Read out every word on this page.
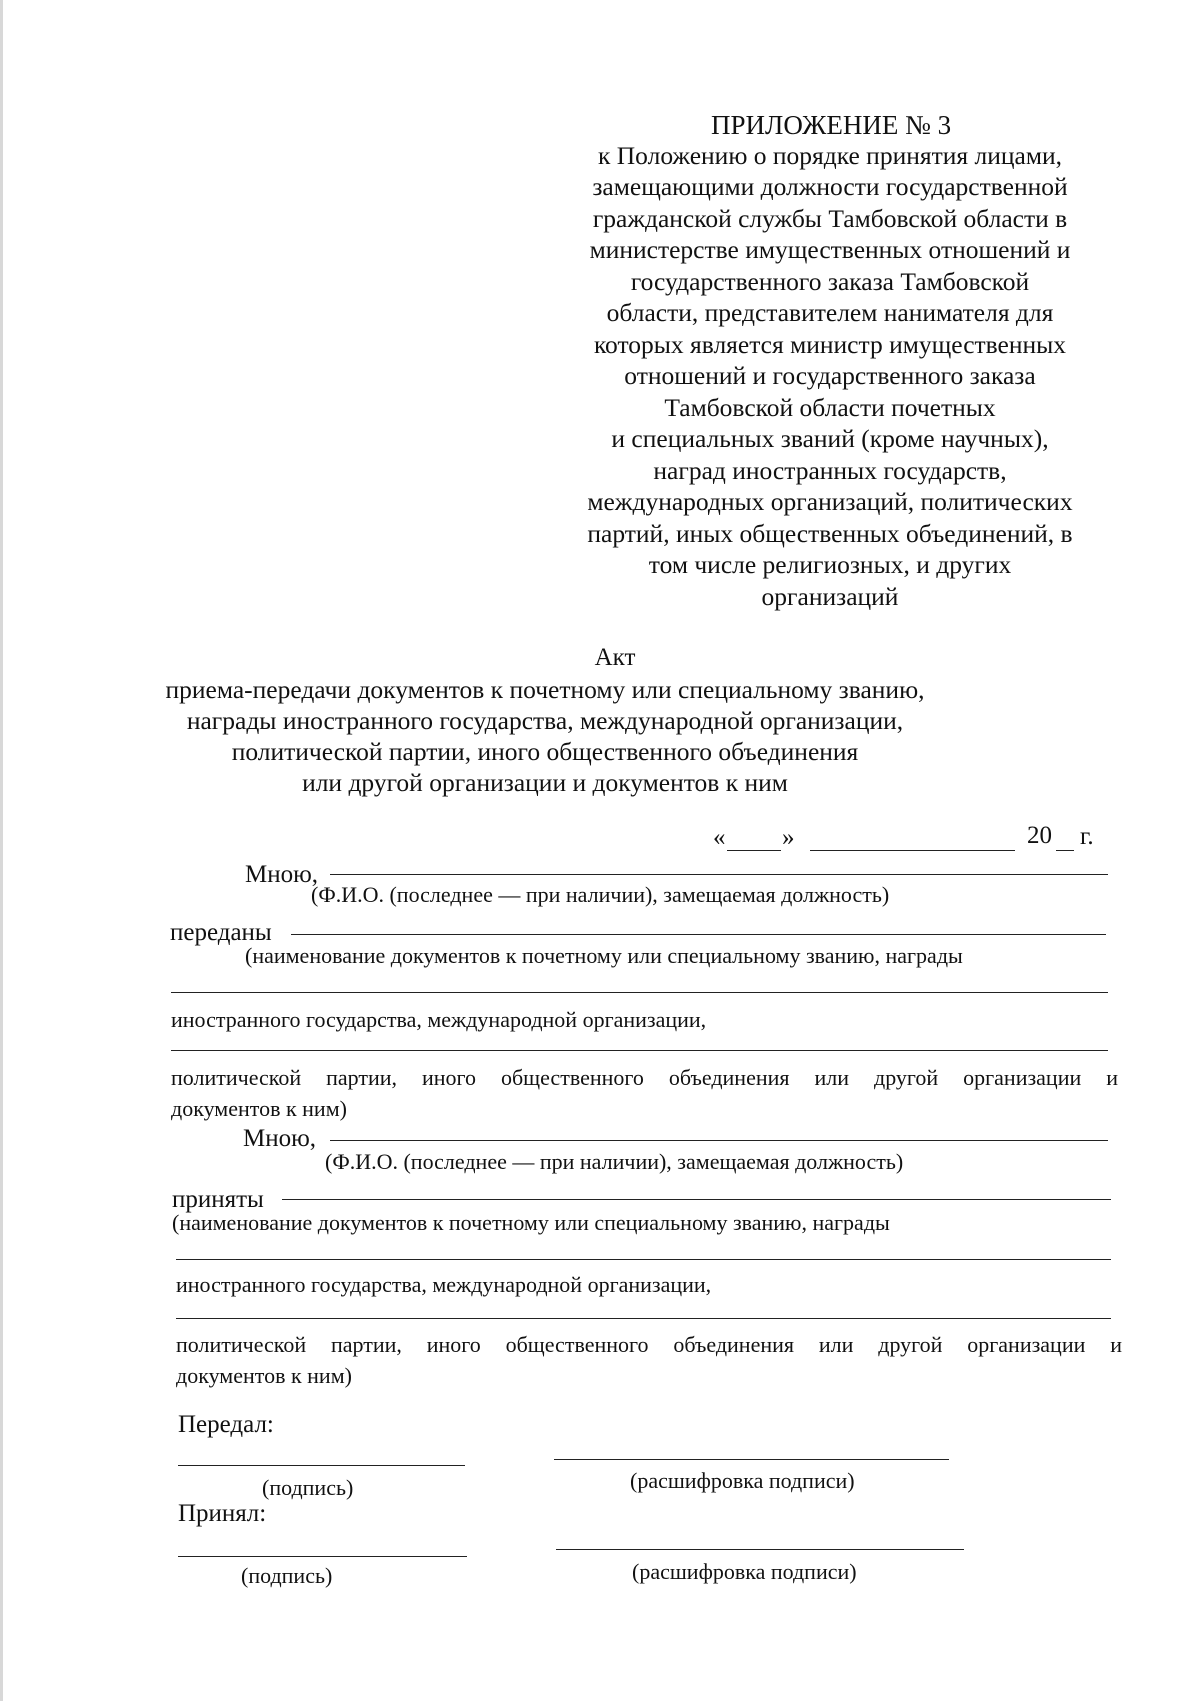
ПРИЛОЖЕНИЕ № 3
к Положению о порядке принятия лицами,
замещающими должности государственной
гражданской службы Тамбовской области в
министерстве имущественных отношений и
государственного заказа Тамбовской
области, представителем нанимателя для
которых является министр имущественных
отношений и государственного заказа
Тамбовской области почетных
и специальных званий (кроме научных),
наград иностранных государств,
международных организаций, политических
партий, иных общественных объединений, в
том числе религиозных, и других
организаций
Акт
приема-передачи документов к почетному или специальному званию,
награды иностранного государства, международной организации,
политической партии, иного общественного объединения
или другой организации и документов к ним
« »	20 г.
Мною,
(Ф.И.О. (последнее — при наличии), замещаемая должность)
переданы
(наименование документов к почетному или специальному званию, награды
иностранного государства, международной организации,
политической партии, иного общественного объединения или другой организации и
документов к ним)
Мною,
(Ф.И.О. (последнее — при наличии), замещаемая должность)
приняты
(наименование документов к почетному или специальному званию, награды
иностранного государства, международной организации,
политической партии, иного общественного объединения или другой организации и
документов к ним)
Передал:
(подпись)	(расшифровка подписи)
Принял:
(подпись)	(расшифровка подписи)
